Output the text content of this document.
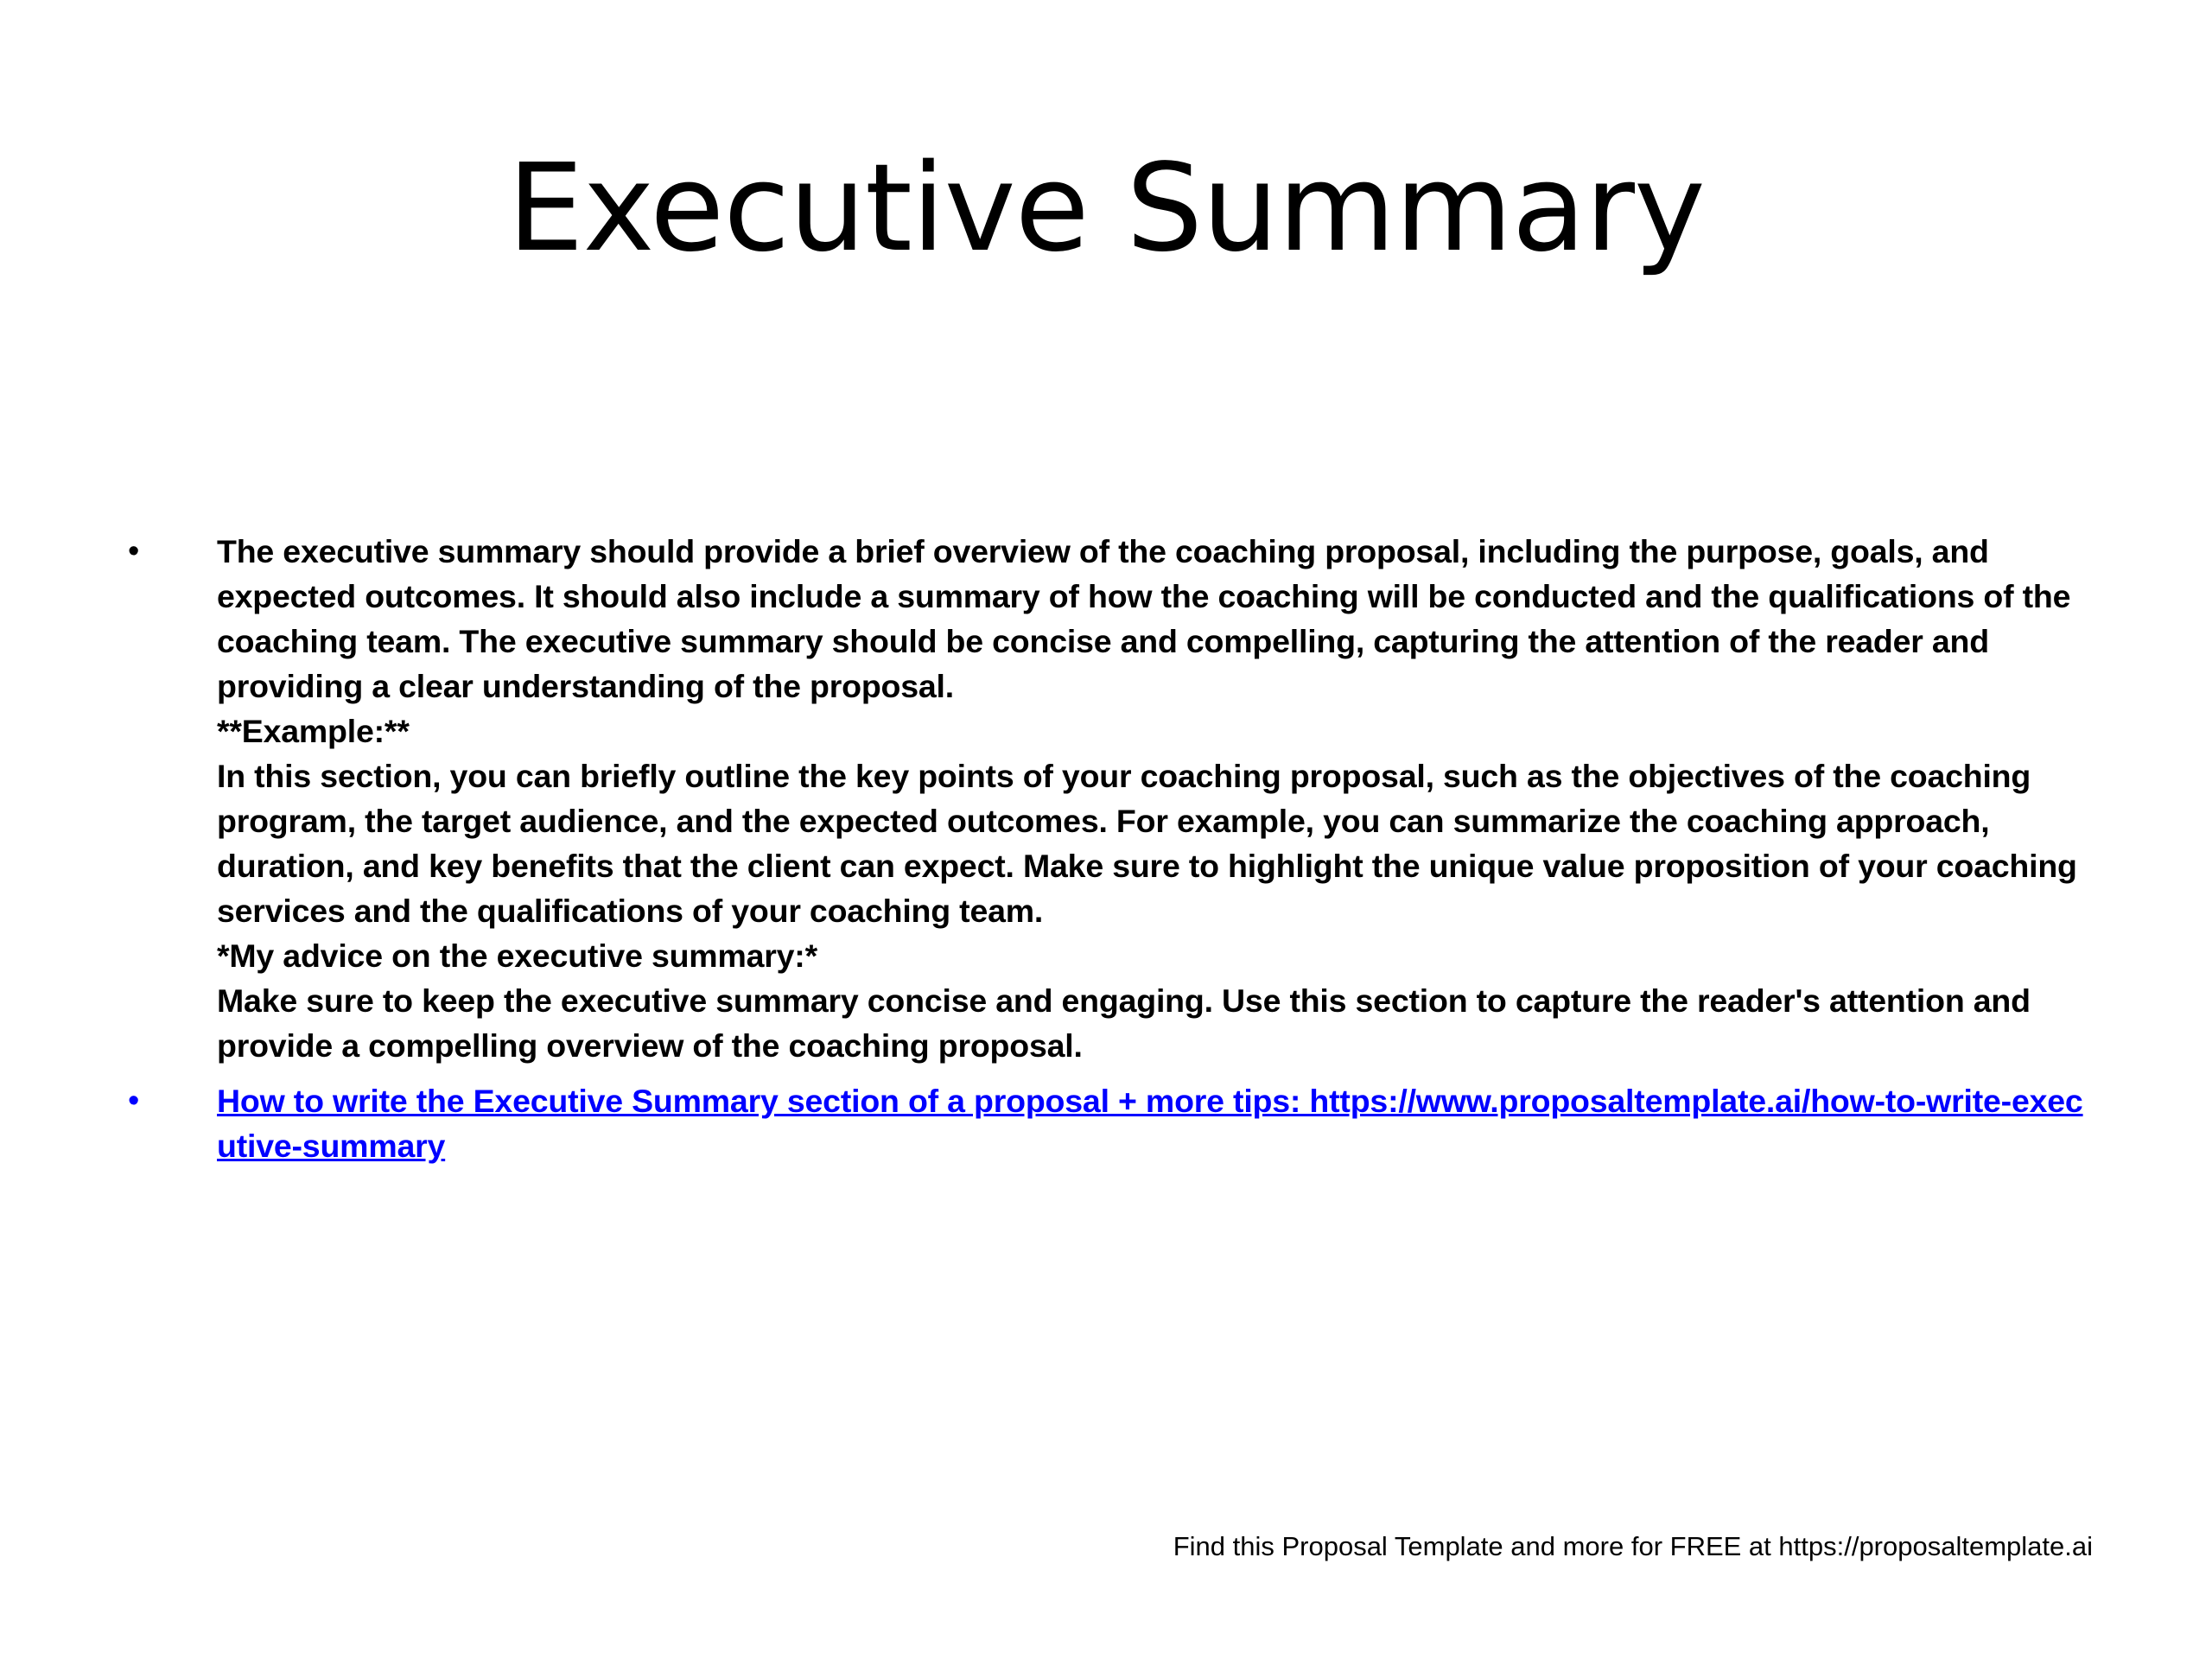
Executive Summary
•	The executive summary should provide a brief overview of the coaching proposal, including the purpose, goals, and expected outcomes. It should also include a summary of how the coaching will be conducted and the qualifications of the coaching team. The executive summary should be concise and compelling, capturing the attention of the reader and providing a clear understanding of the proposal.

**Example:**

In this section, you can briefly outline the key points of your coaching proposal, such as the objectives of the coaching program, the target audience, and the expected outcomes. For example, you can summarize the coaching approach, duration, and key benefits that the client can expect. Make sure to highlight the unique value proposition of your coaching services and the qualifications of your coaching team.

*My advice on the executive summary:*

Make sure to keep the executive summary concise and engaging. Use this section to capture the reader's attention and provide a compelling overview of the coaching proposal.

•	How to write the Executive Summary section of a proposal + more tips: https://www.proposaltemplate.ai/how-to-write-executive-summary
Find this Proposal Template and more for FREE at https://proposaltemplate.ai
